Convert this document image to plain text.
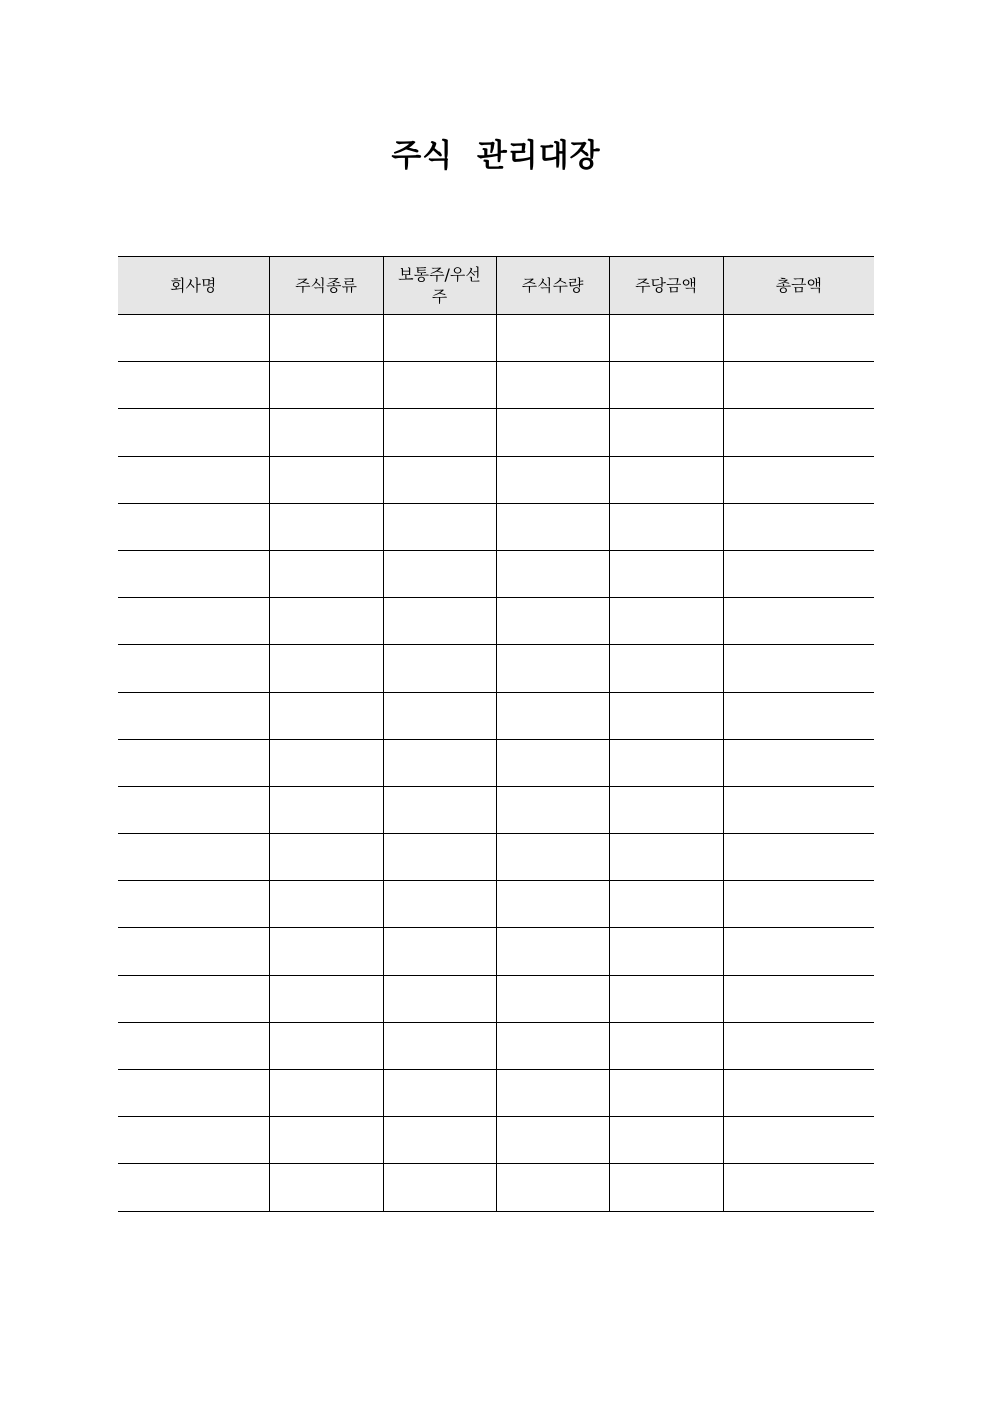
주식  관리대장
회사명	주식종류	보통주/우선주	주식수량	주당금액	총금액
